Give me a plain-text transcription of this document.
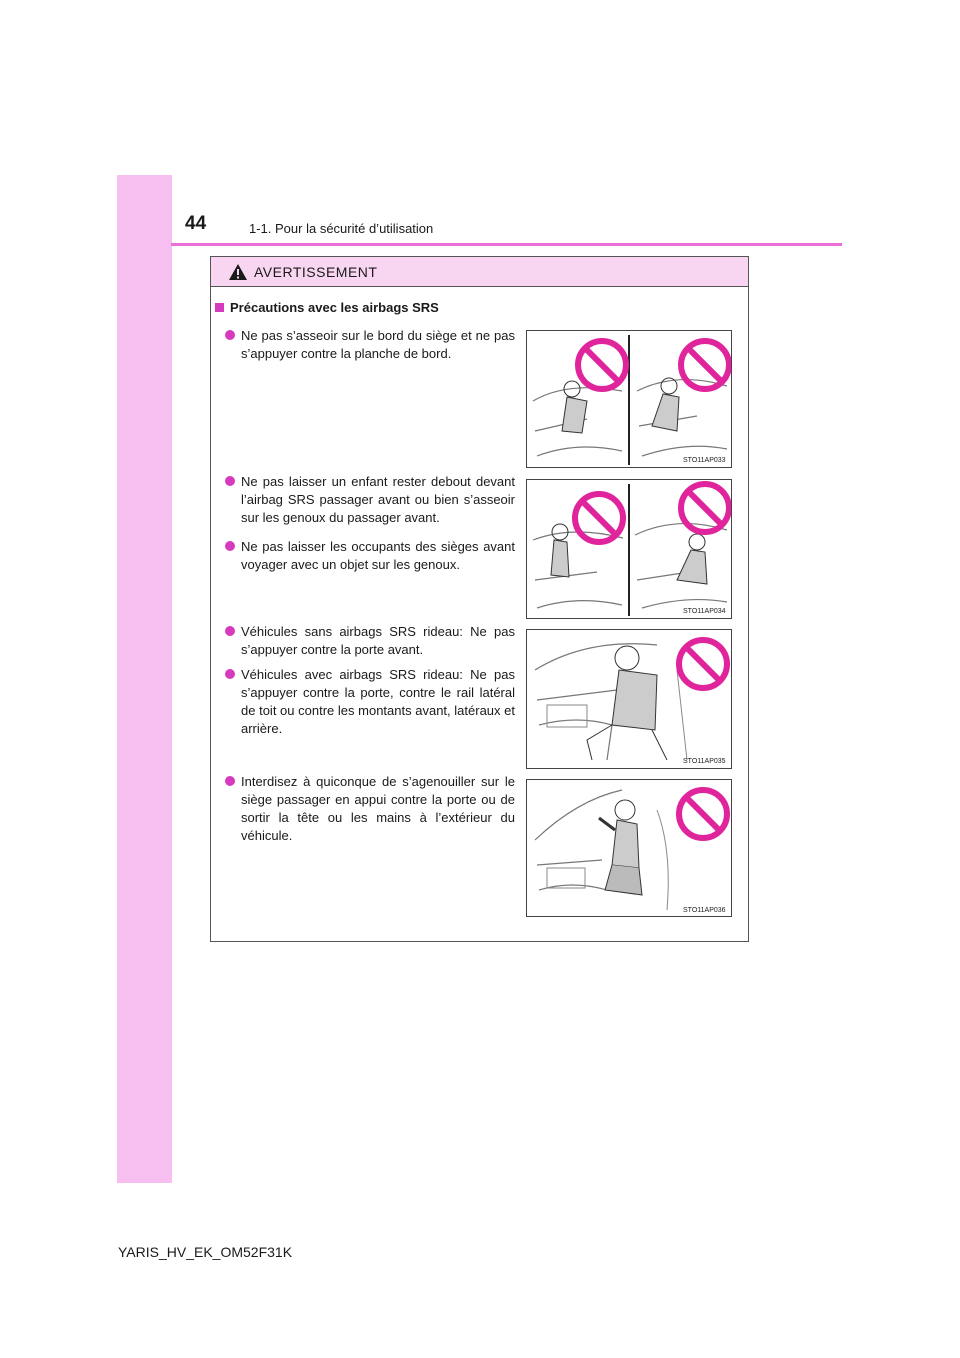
44	1-1. Pour la sécurité d’utilisation
AVERTISSEMENT
Précautions avec les airbags SRS
Ne pas s’asseoir sur le bord du siège et ne pas s’appuyer contre la planche de bord.
Ne pas laisser un enfant rester debout devant l’airbag SRS passager avant ou bien s’asseoir sur les genoux du passager avant.
Ne pas laisser les occupants des sièges avant voyager avec un objet sur les genoux.
Véhicules sans airbags SRS rideau: Ne pas s’appuyer contre la porte avant.
Véhicules avec airbags SRS rideau: Ne pas s’appuyer contre la porte, contre le rail latéral de toit ou contre les montants avant, latéraux et arrière.
Interdisez à quiconque de s’agenouiller sur le siège passager en appui contre la porte ou de sortir la tête ou les mains à l’extérieur du véhicule.
STO11AP033
STO11AP034
STO11AP035
STO11AP036
YARIS_HV_EK_OM52F31K
